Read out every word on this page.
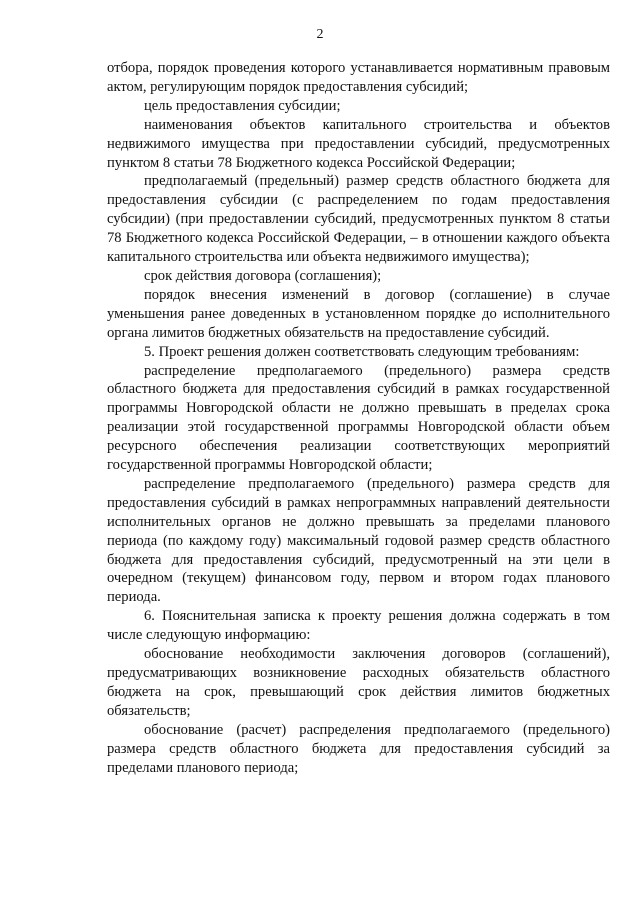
2

отбора, порядок проведения которого устанавливается нормативным правовым актом, регулирующим порядок предоставления субсидий;

цель предоставления субсидии;

наименования объектов капитального строительства и объектов недвижимого имущества при предоставлении субсидий, предусмотренных пунктом 8 статьи 78 Бюджетного кодекса Российской Федерации;

предполагаемый (предельный) размер средств областного бюджета для предоставления субсидии (с распределением по годам предоставления субсидии) (при предоставлении субсидий, предусмотренных пунктом 8 статьи 78 Бюджетного кодекса Российской Федерации, – в отношении каждого объекта капитального строительства или объекта недвижимого имущества);

срок действия договора (соглашения);

порядок внесения изменений в договор (соглашение) в случае уменьшения ранее доведенных в установленном порядке до исполнительного органа лимитов бюджетных обязательств на предоставление субсидий.

5. Проект решения должен соответствовать следующим требованиям:

распределение предполагаемого (предельного) размера средств областного бюджета для предоставления субсидий в рамках государственной программы Новгородской области не должно превышать в пределах срока реализации этой государственной программы Новгородской области объем ресурсного обеспечения реализации соответствующих мероприятий государственной программы Новгородской области;

распределение предполагаемого (предельного) размера средств для предоставления субсидий в рамках непрограммных направлений деятельности исполнительных органов не должно превышать за пределами планового периода (по каждому году) максимальный годовой размер средств областного бюджета для предоставления субсидий, предусмотренный на эти цели в очередном (текущем) финансовом году, первом и втором годах планового периода.

6. Пояснительная записка к проекту решения должна содержать в том числе следующую информацию:

обоснование необходимости заключения договоров (соглашений), предусматривающих возникновение расходных обязательств областного бюджета на срок, превышающий срок действия лимитов бюджетных обязательств;

обоснование (расчет) распределения предполагаемого (предельного) размера средств областного бюджета для предоставления субсидий за пределами планового периода;
